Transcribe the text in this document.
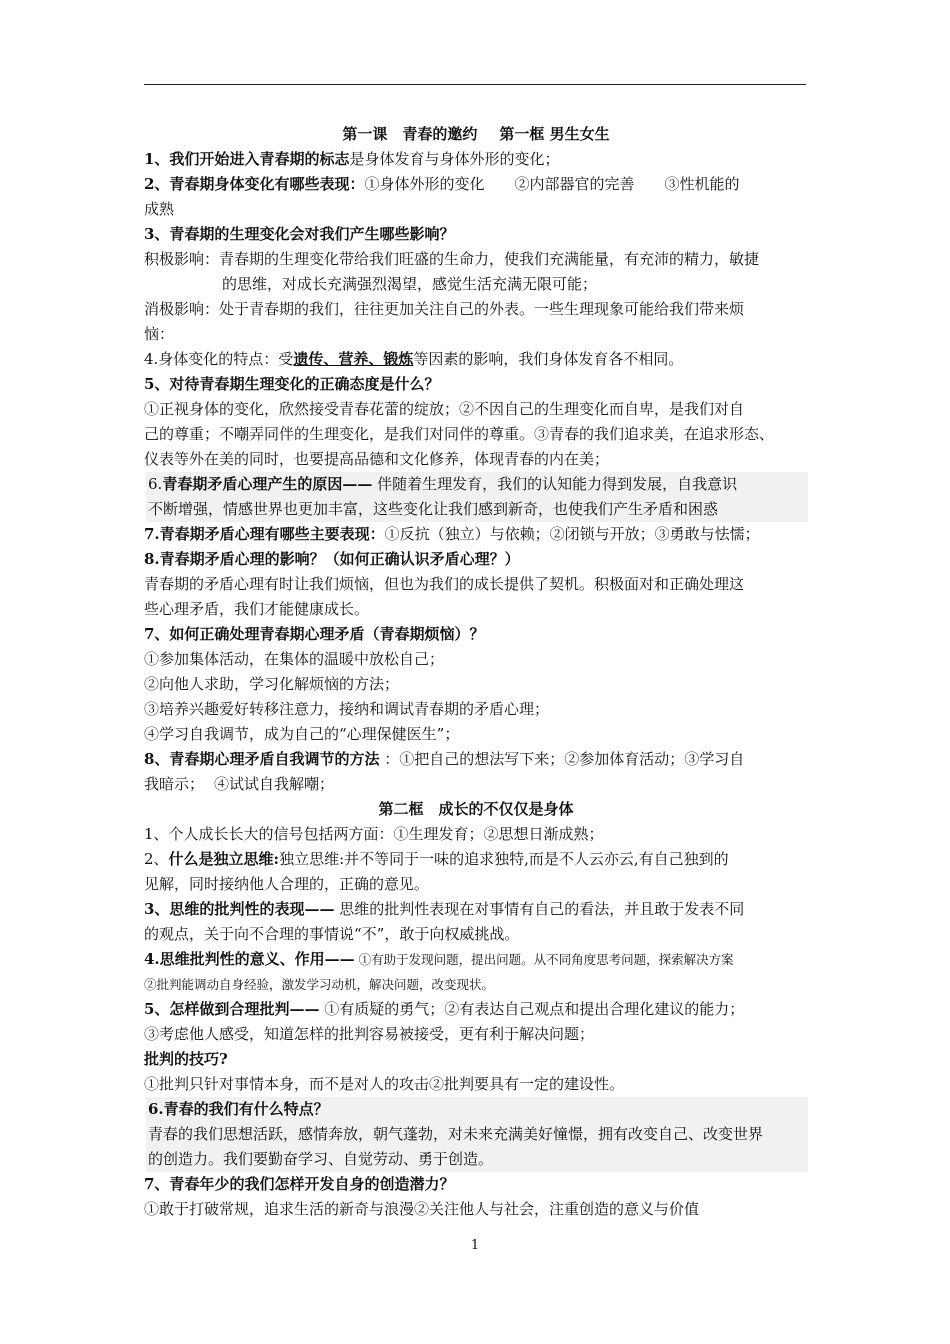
第一课　青春的邀约 第一框 男生女生
1、我们开始进入青春期的标志是身体发育与身体外形的变化；
2、青春期身体变化有哪些表现：①身体外形的变化 ②内部器官的完善 ③性机能的
成熟
3、青春期的生理变化会对我们产生哪些影响？
积极影响：青春期的生理变化带给我们旺盛的生命力，使我们充满能量，有充沛的精力，敏捷
的思维，对成长充满强烈渴望，感觉生活充满无限可能；
消极影响：处于青春期的我们，往往更加关注自己的外表。一些生理现象可能给我们带来烦
恼：
4.身体变化的特点：受遗传、营养、锻炼等因素的影响，我们身体发育各不相同。
5、对待青春期生理变化的正确态度是什么？
①正视身体的变化，欣然接受青春花蕾的绽放；②不因自己的生理变化而自卑，是我们对自
己的尊重；不嘲弄同伴的生理变化，是我们对同伴的尊重。③青春的我们追求美，在追求形态、
仪表等外在美的同时，也要提高品德和文化修养，体现青春的内在美；
6.青春期矛盾心理产生的原因—— 伴随着生理发育，我们的认知能力得到发展，自我意识
不断增强，情感世界也更加丰富，这些变化让我们感到新奇，也使我们产生矛盾和困惑
7.青春期矛盾心理有哪些主要表现：①反抗（独立）与依赖；②闭锁与开放；③勇敢与怯懦；
8.青春期矛盾心理的影响？（如何正确认识矛盾心理？）
青春期的矛盾心理有时让我们烦恼，但也为我们的成长提供了契机。积极面对和正确处理这
些心理矛盾，我们才能健康成长。
7、如何正确处理青春期心理矛盾（青春期烦恼）？
①参加集体活动，在集体的温暖中放松自己；
②向他人求助，学习化解烦恼的方法；
③培养兴趣爱好转移注意力，接纳和调试青春期的矛盾心理；
④学习自我调节，成为自己的“心理保健医生”；
8、青春期心理矛盾自我调节的方法 ：①把自己的想法写下来；②参加体育活动；③学习自
我暗示； ④试试自我解嘲；
第二框　成长的不仅仅是身体
1、个人成长长大的信号包括两方面：①生理发育；②思想日渐成熟；
2、什么是独立思维:独立思维:并不等同于一味的追求独特,而是不人云亦云,有自己独到的
见解，同时接纳他人合理的，正确的意见。
3、思维的批判性的表现—— 思维的批判性表现在对事情有自己的看法，并且敢于发表不同
的观点，关于向不合理的事情说“不”，敢于向权威挑战。
4.思维批判性的意义、作用—— ①有助于发现问题，提出问题。从不同角度思考问题，探索解决方案
②批判能调动自身经验，激发学习动机，解决问题，改变现状。
5、怎样做到合理批判—— ①有质疑的勇气；②有表达自己观点和提出合理化建议的能力；
③考虑他人感受，知道怎样的批判容易被接受，更有利于解决问题；
批判的技巧?
①批判只针对事情本身，而不是对人的攻击②批判要具有一定的建设性。
6.青春的我们有什么特点？
青春的我们思想活跃，感情奔放，朝气蓬勃，对未来充满美好憧憬，拥有改变自己、改变世界
的创造力。我们要勤奋学习、自觉劳动、勇于创造。
7、青春年少的我们怎样开发自身的创造潜力？
①敢于打破常规，追求生活的新奇与浪漫②关注他人与社会，注重创造的意义与价值
1
